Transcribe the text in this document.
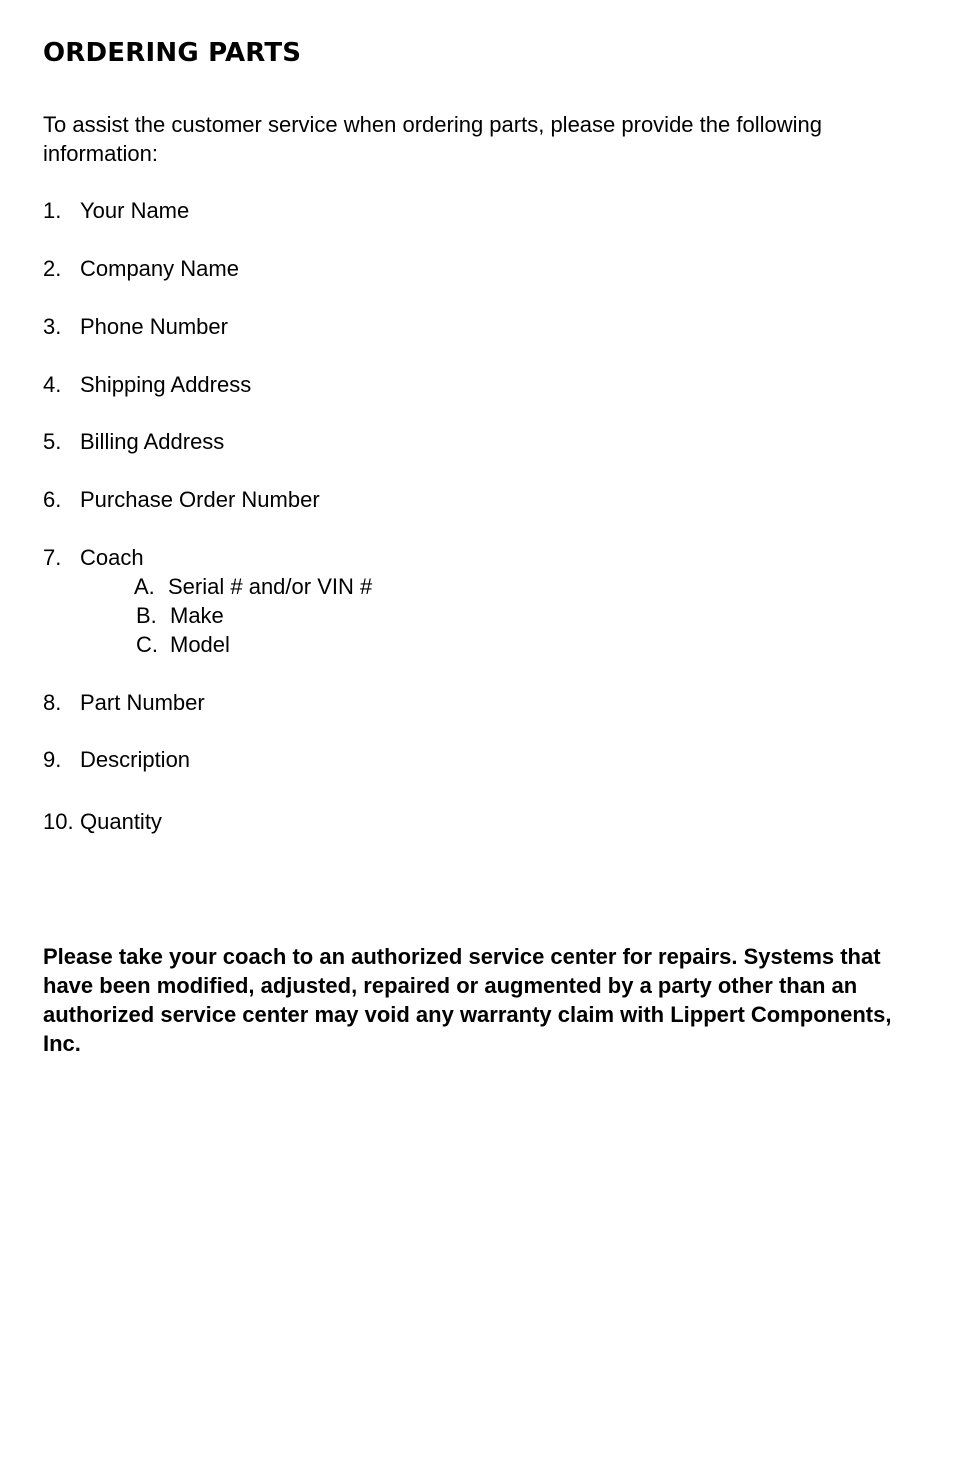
ORDERING PARTS

To assist the customer service when ordering parts, please provide the following information:

1. Your Name
2. Company Name
3. Phone Number
4. Shipping Address
5. Billing Address
6. Purchase Order Number
7. Coach
A. Serial # and/or VIN #
B. Make
C. Model
8. Part Number
9. Description
10. Quantity

Please take your coach to an authorized service center for repairs. Systems that have been modified, adjusted, repaired or augmented by a party other than an authorized service center may void any warranty claim with Lippert Components, Inc.
